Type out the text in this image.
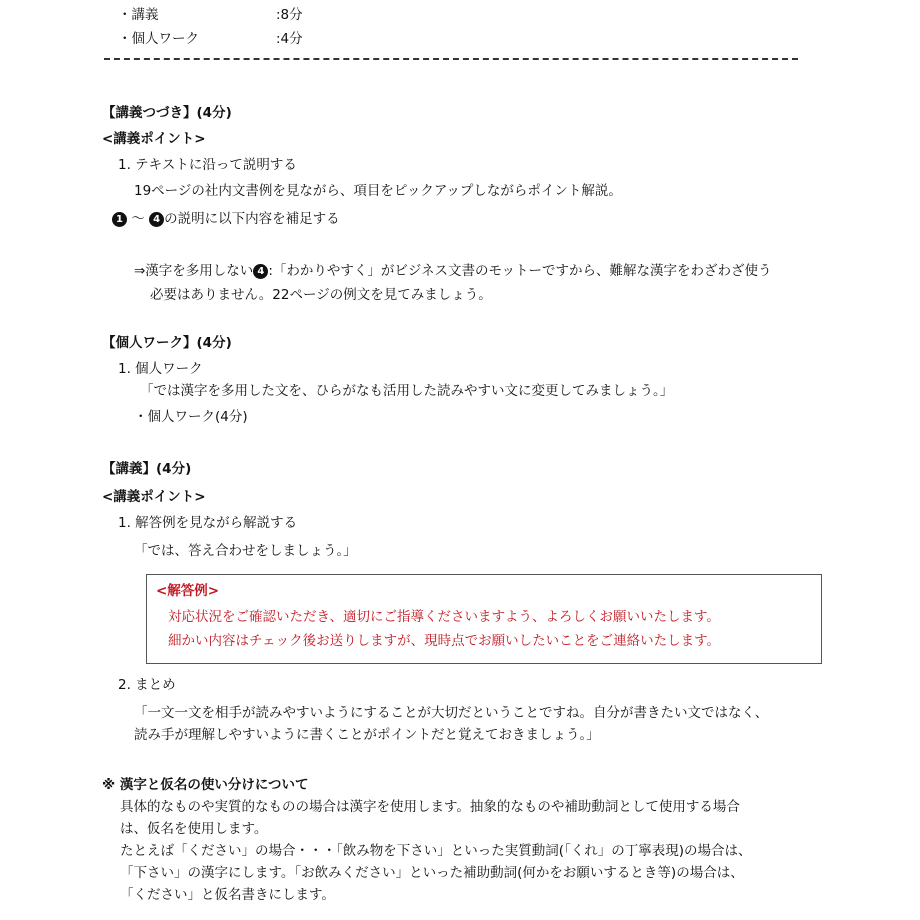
・講義	:8分
・個人ワーク	:4分
【講義つづき】(4分)
<講義ポイント>
1. テキストに沿って説明する
19ページの社内文書例を見ながら、項目をピックアップしながらポイント解説。
1 ～ 4 の説明に以下内容を補足する
⇒漢字を多用しない 4 :「わかりやすく」がビジネス文書のモットーですから、難解な漢字をわざわざ使う
必要はありません。22ページの例文を見てみましょう。
【個人ワーク】(4分)
1. 個人ワーク
「では漢字を多用した文を、ひらがなも活用した読みやすい文に変更してみましょう。」
・個人ワーク(4分)
【講義】(4分)
<講義ポイント>
1. 解答例を見ながら解説する
「では、答え合わせをしましょう。」
<解答例>
対応状況をご確認いただき、適切にご指導くださいますよう、よろしくお願いいたします。
細かい内容はチェック後お送りしますが、現時点でお願いしたいことをご連絡いたします。
2. まとめ
「一文一文を相手が読みやすいようにすることが大切だということですね。自分が書きたい文ではなく、
読み手が理解しやすいように書くことがポイントだと覚えておきましょう。」
※ 漢字と仮名の使い分けについて
具体的なものや実質的なものの場合は漢字を使用します。抽象的なものや補助動詞として使用する場合
は、仮名を使用します。
たとえば「ください」の場合・・・「飲み物を下さい」といった実質動詞(「くれ」の丁寧表現)の場合は、
「下さい」の漢字にします。「お飲みください」といった補助動詞(何かをお願いするとき等)の場合は、
「ください」と仮名書きにします。
